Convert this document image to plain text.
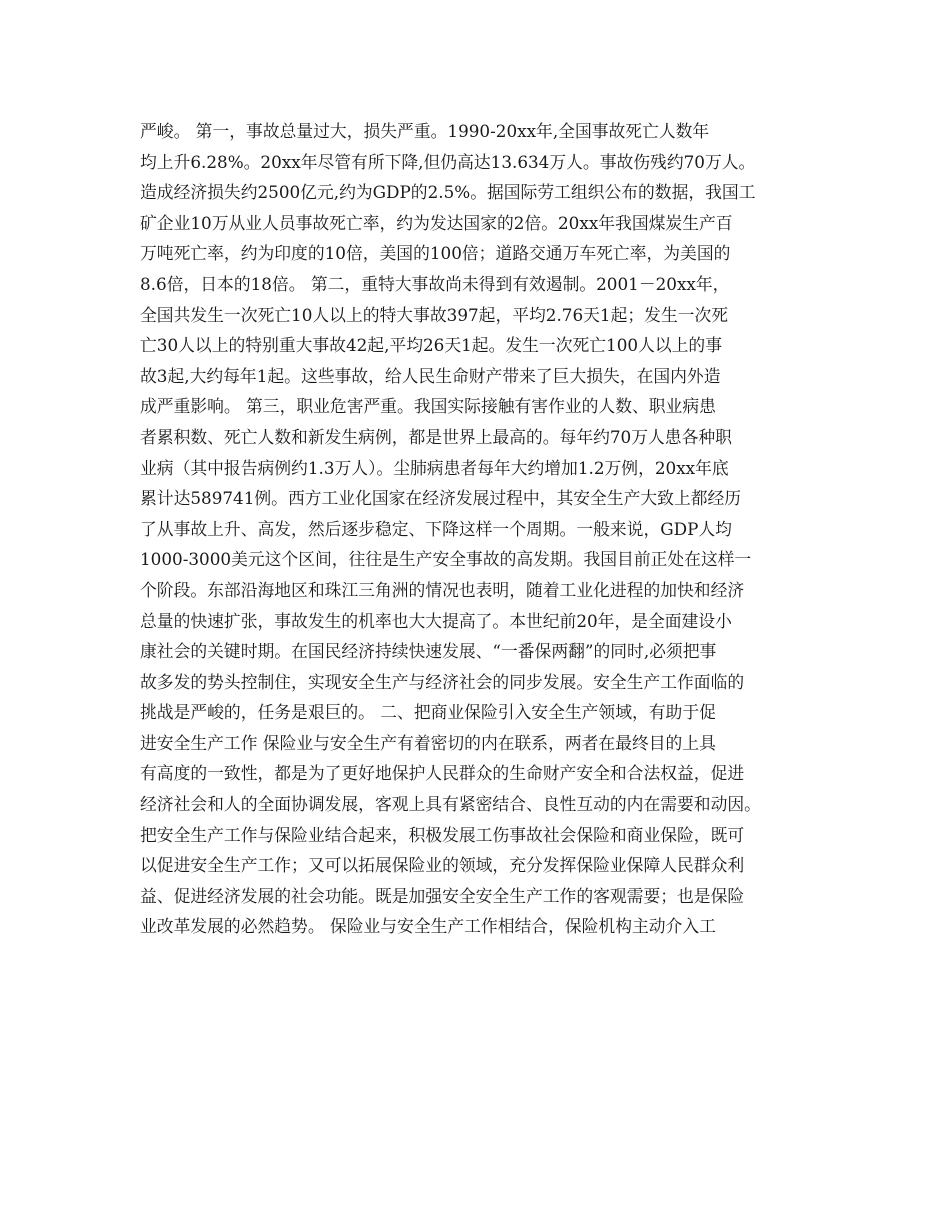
严峻。 第一，事故总量过大，损失严重。1990-20xx年,全国事故死亡人数年
均上升6.28%。20xx年尽管有所下降,但仍高达13.634万人。事故伤残约70万人。
造成经济损失约2500亿元,约为GDP的2.5%。据国际劳工组织公布的数据，我国工
矿企业10万从业人员事故死亡率，约为发达国家的2倍。20xx年我国煤炭生产百
万吨死亡率，约为印度的10倍，美国的100倍；道路交通万车死亡率，为美国的
8.6倍，日本的18倍。 第二，重特大事故尚未得到有效遏制。2001－20xx年，
全国共发生一次死亡10人以上的特大事故397起，平均2.76天1起；发生一次死
亡30人以上的特别重大事故42起,平均26天1起。发生一次死亡100人以上的事
故3起,大约每年1起。这些事故，给人民生命财产带来了巨大损失，在国内外造
成严重影响。 第三，职业危害严重。我国实际接触有害作业的人数、职业病患
者累积数、死亡人数和新发生病例，都是世界上最高的。每年约70万人患各种职
业病（其中报告病例约1.3万人）。尘肺病患者每年大约增加1.2万例，20xx年底
累计达589741例。西方工业化国家在经济发展过程中，其安全生产大致上都经历
了从事故上升、高发，然后逐步稳定、下降这样一个周期。一般来说，GDP人均
1000-3000美元这个区间，往往是生产安全事故的高发期。我国目前正处在这样一
个阶段。东部沿海地区和珠江三角洲的情况也表明，随着工业化进程的加快和经济
总量的快速扩张，事故发生的机率也大大提高了。本世纪前20年，是全面建设小
康社会的关键时期。在国民经济持续快速发展、“一番保两翻”的同时,必须把事
故多发的势头控制住，实现安全生产与经济社会的同步发展。安全生产工作面临的
挑战是严峻的，任务是艰巨的。 二、把商业保险引入安全生产领域，有助于促
进安全生产工作 保险业与安全生产有着密切的内在联系，两者在最终目的上具
有高度的一致性，都是为了更好地保护人民群众的生命财产安全和合法权益，促进
经济社会和人的全面协调发展，客观上具有紧密结合、良性互动的内在需要和动因。
把安全生产工作与保险业结合起来，积极发展工伤事故社会保险和商业保险，既可
以促进安全生产工作；又可以拓展保险业的领域，充分发挥保险业保障人民群众利
益、促进经济发展的社会功能。既是加强安全安全生产工作的客观需要；也是保险
业改革发展的必然趋势。 保险业与安全生产工作相结合，保险机构主动介入工
